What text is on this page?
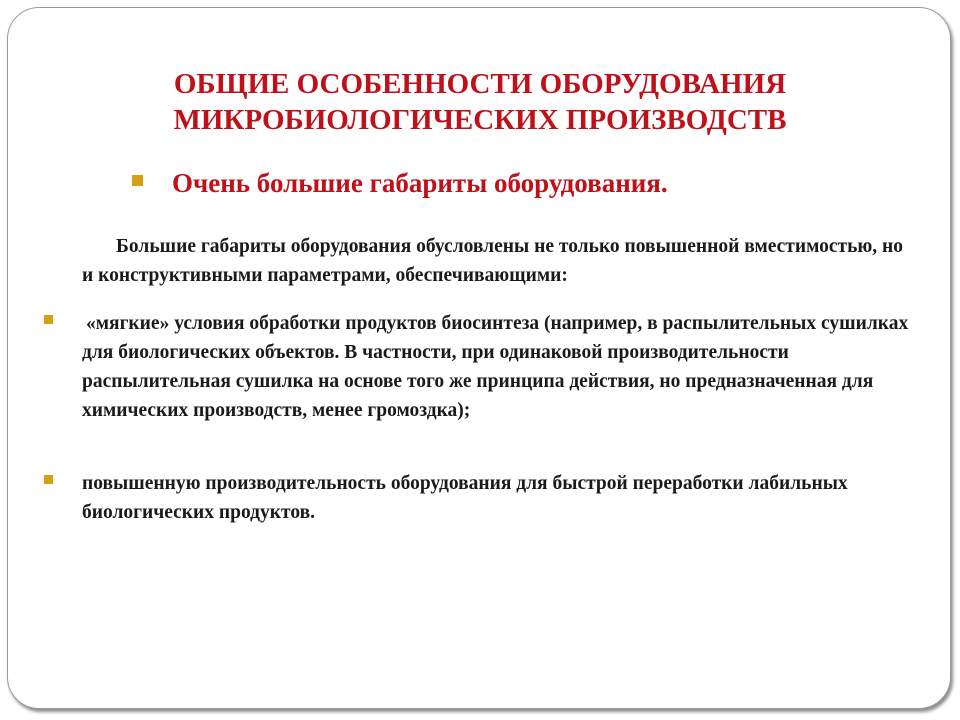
ОБЩИЕ ОСОБЕННОСТИ ОБОРУДОВАНИЯ
МИКРОБИОЛОГИЧЕСКИХ ПРОИЗВОДСТВ
Очень большие габариты оборудования.

Большие габариты оборудования обусловлены не только повышенной вместимостью, но и конструктивными параметрами, обеспечивающими:

«мягкие» условия обработки продуктов биосинтеза (например, в распылительных сушилках для биологических объектов. В частности, при одинаковой производительности распылительная сушилка на основе того же принципа действия, но предназначенная для химических производств, менее громоздка);

повышенную производительность оборудования для быстрой переработки лабильных биологических продуктов.
